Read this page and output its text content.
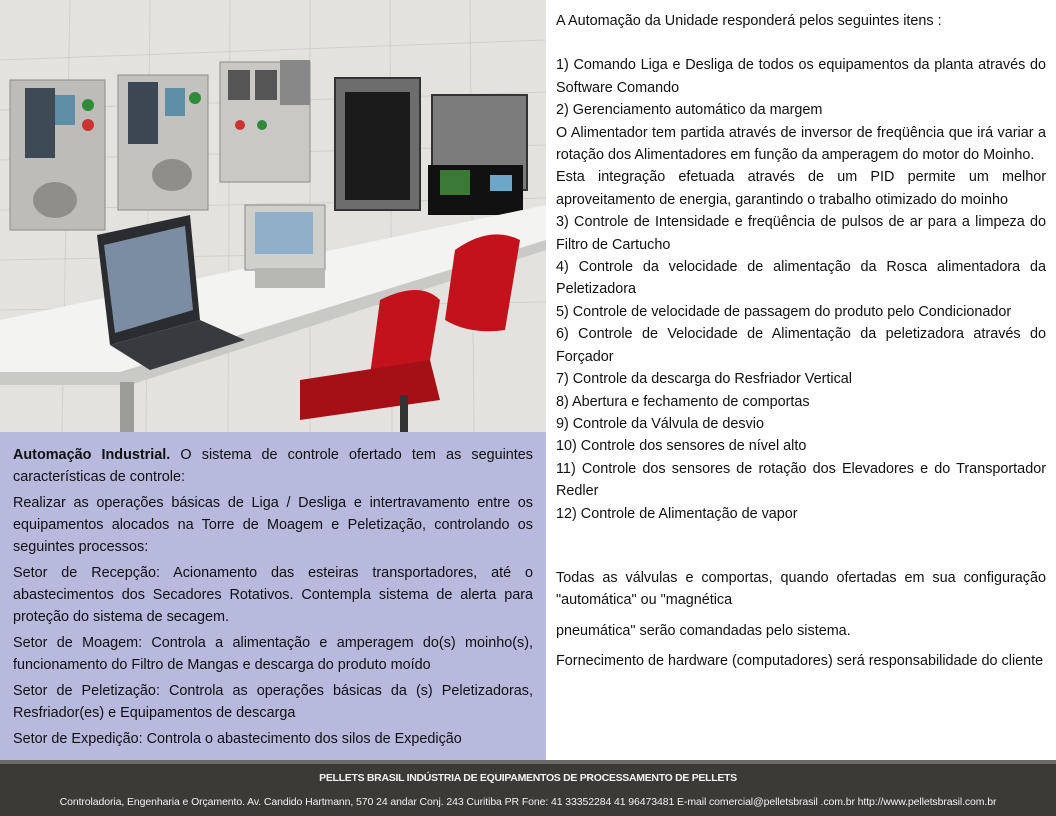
Automação Industrial. O sistema de controle ofertado tem as seguintes características de controle:

Realizar as operações básicas de Liga / Desliga e intertravamento entre os equipamentos alocados na Torre de Moagem e Peletização, controlando os seguintes processos:

Setor de Recepção: Acionamento das esteiras transportadores, até o abastecimentos dos Secadores Rotativos. Contempla sistema de alerta para proteção do sistema de secagem.

Setor de Moagem: Controla a alimentação e amperagem do(s) moinho(s), funcionamento do Filtro de Mangas e descarga do produto moído

Setor de Peletização: Controla as operações básicas da (s) Peletizadoras, Resfriador(es) e Equipamentos de descarga

Setor de Expedição: Controla o abastecimento dos silos de Expedição

A Automação da Unidade responderá pelos seguintes itens :

1) Comando Liga e Desliga de todos os equipamentos da planta através do Software Comando

2) Gerenciamento automático da margem

O Alimentador tem partida através de inversor de freqüência que irá variar a rotação dos Alimentadores em função da amperagem do motor do Moinho.

Esta integração efetuada através de um PID permite um melhor aproveitamento de energia, garantindo o trabalho otimizado do moinho

3) Controle de Intensidade e freqüência de pulsos de ar para a limpeza do Filtro de Cartucho

4) Controle da velocidade de alimentação da Rosca alimentadora da Peletizadora

5) Controle de velocidade de passagem do produto pelo Condicionador

6) Controle de Velocidade de Alimentação da peletizadora através do Forçador

7) Controle da descarga do Resfriador Vertical

8) Abertura e fechamento de comportas

9) Controle da Válvula de desvio

10) Controle dos sensores de nível alto

11) Controle dos sensores de rotação dos Elevadores e do Transportador Redler

12) Controle de Alimentação de vapor

Todas as válvulas e comportas, quando ofertadas em sua configuração "automática" ou "magnética

pneumática" serão comandadas pelo sistema.

Fornecimento de hardware (computadores) será responsabilidade do cliente

PELLETS BRASIL INDÚSTRIA DE EQUIPAMENTOS DE PROCESSAMENTO DE PELLETS
Controladoria, Engenharia e Orçamento. Av. Candido Hartmann, 570 24 andar Conj. 243 Curitiba PR Fone: 41 33352284 41 96473481 E-mail comercial@pelletsbrasil .com.br http://www.pelletsbrasil.com.br
